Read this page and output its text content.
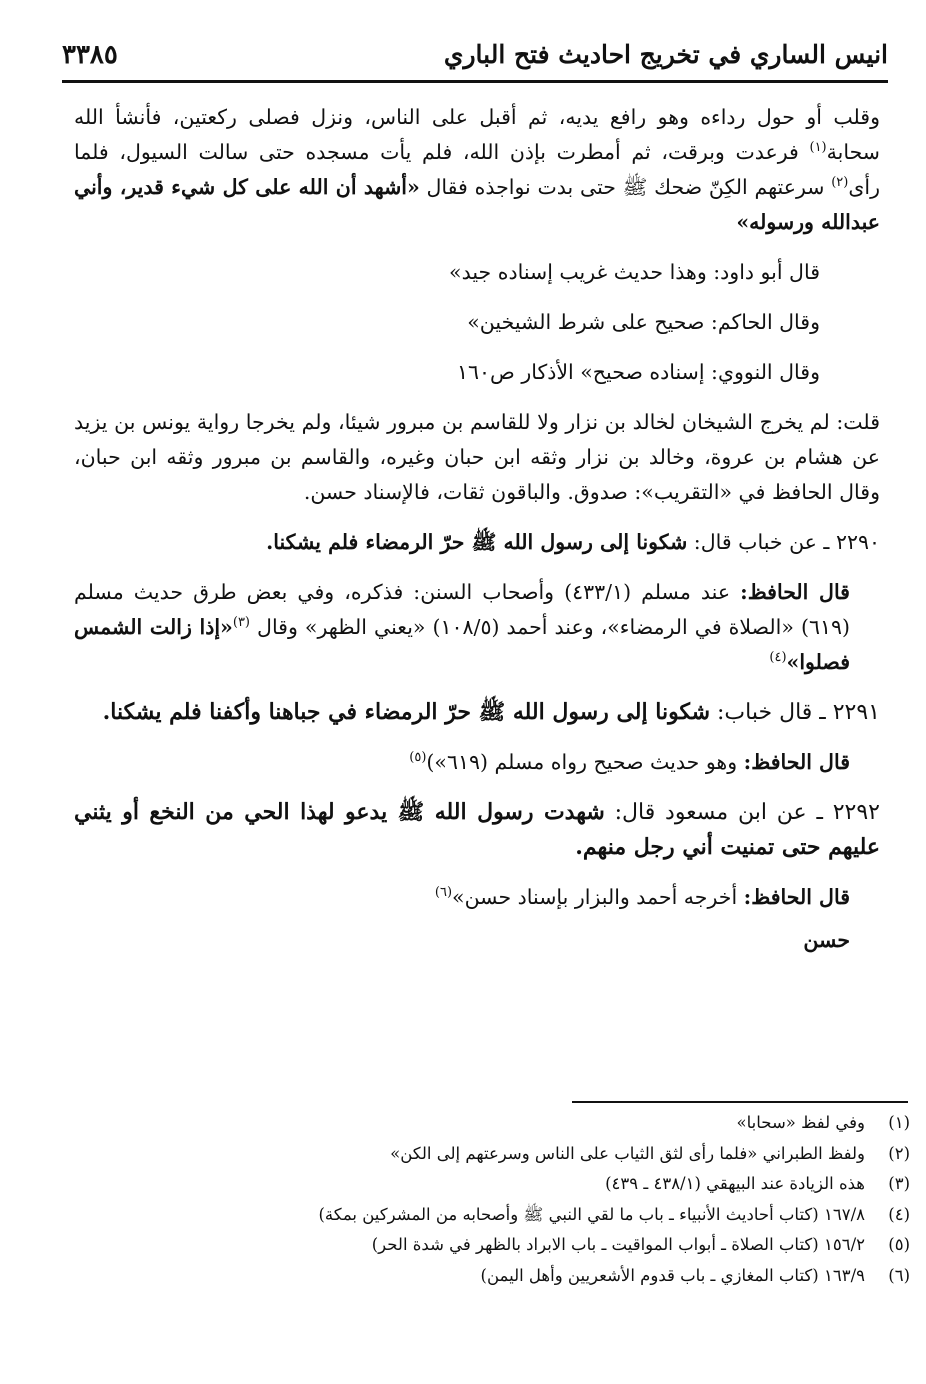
انيس الساري في تخريج احاديث فتح الباري
٣٣٨٥

وقلب أو حول رداءه وهو رافع يديه، ثم أقبل على الناس، ونزل فصلى ركعتين، فأنشأ الله سحابة$^{(١)}$ فرعدت وبرقت، ثم أمطرت بإذن الله، فلم يأت مسجده حتى سالت السيول، فلما رأى$^{(٢)}$ سرعتهم الكِنّ ضحك ﷺ حتى بدت نواجذه فقال «أشهد أن الله على كل شيء قدير، وأني عبدالله ورسوله»

قال أبو داود: وهذا حديث غريب إسناده جيد»
وقال الحاكم: صحيح على شرط الشيخين»
وقال النووي: إسناده صحيح» الأذكار ص١٦٠

قلت: لم يخرج الشيخان لخالد بن نزار ولا للقاسم بن مبرور شيئا، ولم يخرجا رواية يونس بن يزيد عن هشام بن عروة، وخالد بن نزار وثقه ابن حبان وغيره، والقاسم بن مبرور وثقه ابن حبان، وقال الحافظ في «التقريب»: صدوق. والباقون ثقات، فالإسناد حسن.

٢٢٩٠ ـ عن خباب قال: شكونا إلى رسول الله ﷺ حرّ الرمضاء فلم يشكنا.

قال الحافظ: عند مسلم (٤٣٣/١) وأصحاب السنن: فذكره، وفي بعض طرق حديث مسلم (٦١٩) «الصلاة في الرمضاء»، وعند أحمد (١٠٨/٥) «يعني الظهر» وقال $^{(٣)}$«إذا زالت الشمس فصلوا»$^{(٤)}$

٢٢٩١ ـ قال خباب: شكونا إلى رسول الله ﷺ حرّ الرمضاء في جباهنا وأكفنا فلم يشكنا.

قال الحافظ: وهو حديث صحيح رواه مسلم (٦١٩»)$^{(٥)}$

٢٢٩٢ ـ عن ابن مسعود قال: شهدت رسول الله ﷺ يدعو لهذا الحي من النخع أو يثني عليهم حتى تمنيت أني رجل منهم.

قال الحافظ: أخرجه أحمد والبزار بإسناد حسن»$^{(٦)}$

حسن
(١)
وفي لفظ «سحابا»
(٢)
ولفظ الطبراني «فلما رأى لثق الثياب على الناس وسرعتهم إلى الكن»
(٣)
هذه الزيادة عند البيهقي (٤٣٨/١ ـ ٤٣٩)
(٤)
١٦٧/٨ (كتاب أحاديث الأنبياء ـ باب ما لقي النبي ﷺ وأصحابه من المشركين بمكة)
(٥)
١٥٦/٢ (كتاب الصلاة ـ أبواب المواقيت ـ باب الابراد بالظهر في شدة الحر)
(٦)
١٦٣/٩ (كتاب المغازي ـ باب قدوم الأشعريين وأهل اليمن)
